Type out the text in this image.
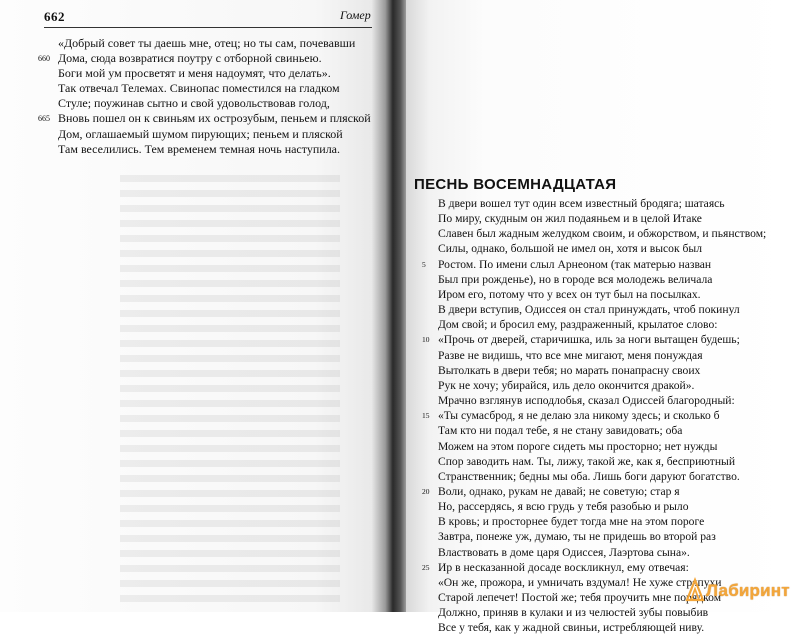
662	Гомер
«Добрый совет ты даешь мне, отец; но ты сам, почевавши
660 Дома, сюда возвратися поутру с отборной свиньею.
Боги мой ум просветят и меня надоумят, что делать».
Так отвечал Телемах. Свинопас поместился на гладком
Стуле; поужинав сытно и свой удовольствовав голод,
665 Вновь пошел он к свиньям их острозубым, пеньем и пляской
Дом, оглашаемый шумом пирующих; пеньем и пляской
Там веселились. Тем временем темная ночь наступила.
В двери вошел тут один всем известный бродяга; шатаясь
По миру, скудным он жил подаяньем и в целой Итаке
Славен был жадным желудком своим, и обжорством, и пьянством;
Силы, однако, большой не имел он, хотя и высок был
5 Ростом. По имени слыл Арнеоном (так матерью назван
Был при рожденье), но в городе вся молодежь величала
Иром его, потому что у всех он тут был на посылках.
В двери вступив, Одиссея он стал принуждать, чтоб покинул
Дом свой; и бросил ему, раздраженный, крылатое слово:
10 «Прочь от дверей, старичишка, иль за ноги вытащен будешь;
Разве не видишь, что все мне мигают, меня понуждая
Вытолкать в двери тебя; но марать понапрасну своих
Рук не хочу; убирайся, иль дело окончится дракой».
Мрачно взглянув исподлобья, сказал Одиссей благородный:
15 «Ты сумасброд, я не делаю зла никому здесь; и сколько б
Там кто ни подал тебе, я не стану завидовать; оба
Можем на этом пороге сидеть мы просторно; нет нужды
Спор заводить нам. Ты, лижу, такой же, как я, бесприютный
Странственник; бедны мы оба. Лишь боги даруют богатство.
20 Воли, однако, рукам не давай; не советую; стар я
Но, рассердясь, я всю грудь у тебя разобью и рыло
В кровь; и просторнее будет тогда мне на этом пороге
Завтра, понеже уж, думаю, ты не придешь во второй раз
Властвовать в доме царя Одиссея, Лаэртова сына».
25 Ир в несказанной досаде воскликнул, ему отвечая:
«Он же, прожора, и умничать вздумал! Не хуже стряпухи
Старой лепечет! Постой же; тебя проучить мне порядком
Должно, приняв в кулаки и из челюстей зубы повыбив
Все у тебя, как у жадной свиньи, истребляющей ниву.
ПЕСНЬ ВОСЕМНАДЦАТАЯ
Лабиринт
